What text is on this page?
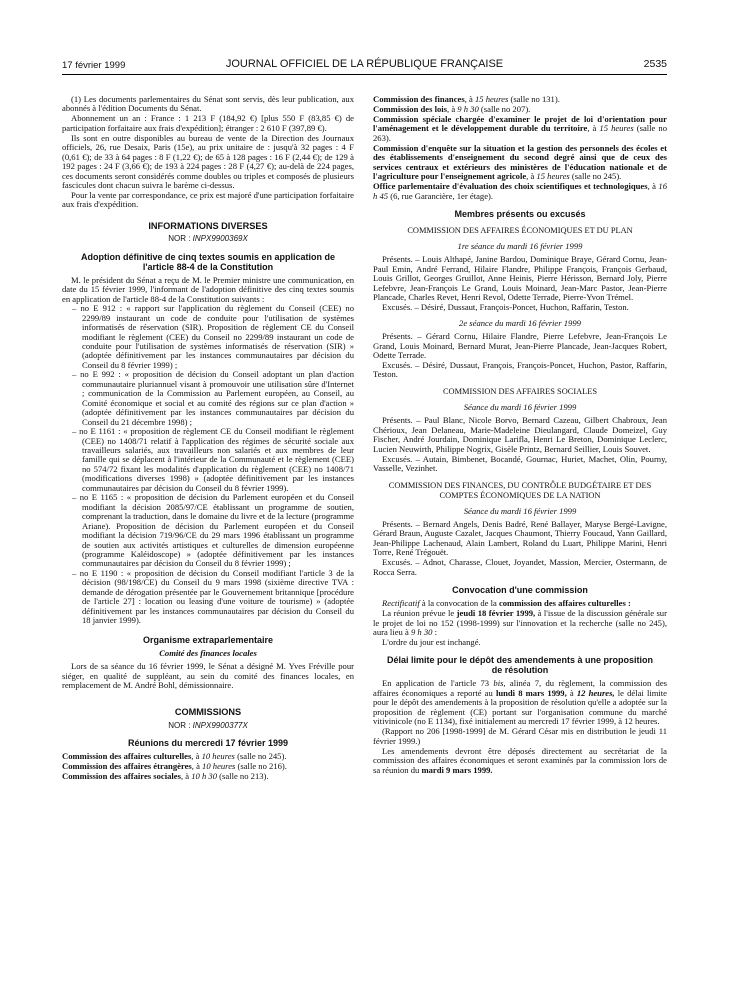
17 février 1999	JOURNAL OFFICIEL DE LA RÉPUBLIQUE FRANÇAISE	2535

(1) Les documents parlementaires du Sénat sont servis, dès leur publication, aux abonnés à l'édition Documents du Sénat.

Abonnement un an : France : 1 213 F (184,92 €) [plus 550 F (83,85 €) de participation forfaitaire aux frais d'expédition]; étranger : 2 610 F (397,89 €).

Ils sont en outre disponibles au bureau de vente de la Direction des Journaux officiels, 26, rue Desaix, Paris (15e), au prix unitaire de : jusqu'à 32 pages : 4 F (0,61 €); de 33 à 64 pages : 8 F (1,22 €); de 65 à 128 pages : 16 F (2,44 €); de 129 à 192 pages : 24 F (3,66 €); de 193 à 224 pages : 28 F (4,27 €); au-delà de 224 pages, ces documents seront considérés comme doubles ou triples et composés de plusieurs fascicules dont chacun suivra le barème ci-dessus.

Pour la vente par correspondance, ce prix est majoré d'une participation forfaitaire aux frais d'expédition.

INFORMATIONS DIVERSES
NOR : INPX9900369X
Adoption définitive de cinq textes soumis en application de l'article 88-4 de la Constitution

M. le président du Sénat a reçu de M. le Premier ministre une communication, en date du 15 février 1999, l'informant de l'adoption définitive des cinq textes soumis en application de l'article 88-4 de la Constitution suivants :

– no E 912 : « rapport sur l'application du règlement du Conseil (CEE) no 2299/89 instaurant un code de conduite pour l'utilisation de systèmes informatisés de réservation (SIR). Proposition de règlement CE du Conseil modifiant le règlement (CEE) du Conseil no 2299/89 instaurant un code de conduite pour l'utilisation de systèmes informatisés de réservation (SIR) » (adoptée définitivement par les instances communautaires par décision du Conseil du 8 février 1999) ;

– no E 992 : « proposition de décision du Conseil adoptant un plan d'action communautaire pluriannuel visant à promouvoir une utilisation sûre d'Internet ; communication de la Commission au Parlement européen, au Conseil, au Comité économique et social et au comité des régions sur ce plan d'action » (adoptée définitivement par les instances communautaires par décision du Conseil du 21 décembre 1998) ;

– no E 1161 : « proposition de règlement CE du Conseil modifiant le règlement (CEE) no 1408/71 relatif à l'application des régimes de sécurité sociale aux travailleurs salariés, aux travailleurs non salariés et aux membres de leur famille qui se déplacent à l'intérieur de la Communauté et le règlement (CEE) no 574/72 fixant les modalités d'application du règlement (CEE) no 1408/71 (modifications diverses 1998) » (adoptée définitivement par les instances communautaires par décision du Conseil du 8 février 1999).

– no E 1165 : « proposition de décision du Parlement européen et du Conseil modifiant la décision 2085/97/CE établissant un programme de soutien, comprenant la traduction, dans le domaine du livre et de la lecture (programme Ariane). Proposition de décision du Parlement européen et du Conseil modifiant la décision 719/96/CE du 29 mars 1996 établissant un programme de soutien aux activités artistiques et culturelles de dimension européenne (programme Kaléidoscope) » (adoptée définitivement par les instances communautaires par décision du Conseil du 8 février 1999) ;

– no E 1190 : « proposition de décision du Conseil modifiant l'article 3 de la décision (98/198/CE) du Conseil du 9 mars 1998 (sixième directive TVA : demande de dérogation présentée par le Gouvernement britannique [procédure de l'article 27] : location ou leasing d'une voiture de tourisme) » (adoptée définitivement par les instances communautaires par décision du Conseil du 18 janvier 1999).

Organisme extraparlementaire
Comité des finances locales

Lors de sa séance du 16 février 1999, le Sénat a désigné M. Yves Fréville pour siéger, en qualité de suppléant, au sein du comité des finances locales, en remplacement de M. André Bohl, démissionnaire.

COMMISSIONS
NOR : INPX9900377X
Réunions du mercredi 17 février 1999

Commission des affaires culturelles, à 10 heures (salle no 245).

Commission des affaires étrangères, à 10 heures (salle no 216).

Commission des affaires sociales, à 10 h 30 (salle no 213).

Commission des finances, à 15 heures (salle no 131).

Commission des lois, à 9 h 30 (salle no 207).

Commission spéciale chargée d'examiner le projet de loi d'orientation pour l'aménagement et le développement durable du territoire, à 15 heures (salle no 263).

Commission d'enquête sur la situation et la gestion des personnels des écoles et des établissements d'enseignement du second degré ainsi que de ceux des services centraux et extérieurs des ministères de l'éducation nationale et de l'agriculture pour l'enseignement agricole, à 15 heures (salle no 245).

Office parlementaire d'évaluation des choix scientifiques et technologiques, à 16 h 45 (6, rue Garancière, 1er étage).

Membres présents ou excusés
COMMISSION DES AFFAIRES ÉCONOMIQUES ET DU PLAN
1re séance du mardi 16 février 1999

Présents. – Louis Althapé, Janine Bardou, Dominique Braye, Gérard Cornu, Jean-Paul Emin, André Ferrand, Hilaire Flandre, Philippe François, François Gerbaud, Louis Grillot, Georges Gruillot, Anne Heinis, Pierre Hérisson, Bernard Joly, Pierre Lefebvre, Jean-François Le Grand, Louis Moinard, Jean-Marc Pastor, Jean-Pierre Plancade, Charles Revet, Henri Revol, Odette Terrade, Pierre-Yvon Trémel.

Excusés. – Désiré, Dussaut, François-Poncet, Huchon, Raffarin, Teston.

2e séance du mardi 16 février 1999

Présents. – Gérard Cornu, Hilaire Flandre, Pierre Lefebvre, Jean-François Le Grand, Louis Moinard, Bernard Murat, Jean-Pierre Plancade, Jean-Jacques Robert, Odette Terrade.

Excusés. – Désiré, Dussaut, François, François-Poncet, Huchon, Pastor, Raffarin, Teston.

COMMISSION DES AFFAIRES SOCIALES
Séance du mardi 16 février 1999

Présents. – Paul Blanc, Nicole Borvo, Bernard Cazeau, Gilbert Chabroux, Jean Chérioux, Jean Delaneau, Marie-Madeleine Dieulangard, Claude Domeizel, Guy Fischer, André Jourdain, Dominique Larifla, Henri Le Breton, Dominique Leclerc, Lucien Neuwirth, Philippe Nogrix, Gisèle Printz, Bernard Seillier, Louis Souvet.

Excusés. – Autain, Bimbenet, Bocandé, Gournac, Huriet, Machet, Olin, Pourny, Vasselle, Vezinhet.

COMMISSION DES FINANCES, DU CONTRÔLE BUDGÉTAIRE ET DES COMPTES ÉCONOMIQUES DE LA NATION
Séance du mardi 16 février 1999

Présents. – Bernard Angels, Denis Badré, René Ballayer, Maryse Bergé-Lavigne, Gérard Braun, Auguste Cazalet, Jacques Chaumont, Thierry Foucaud, Yann Gaillard, Jean-Philippe Lachenaud, Alain Lambert, Roland du Luart, Philippe Marini, Henri Torre, René Trégouët.

Excusés. – Adnot, Charasse, Clouet, Joyandet, Massion, Mercier, Ostermann, de Rocca Serra.

Convocation d'une commission

Rectificatif à la convocation de la commission des affaires culturelles :

La réunion prévue le jeudi 18 février 1999, à l'issue de la discussion générale sur le projet de loi no 152 (1998-1999) sur l'innovation et la recherche (salle no 245), aura lieu à 9 h 30 :

L'ordre du jour est inchangé.

Délai limite pour le dépôt des amendements à une proposition de résolution

En application de l'article 73 bis, alinéa 7, du règlement, la commission des affaires économiques a reporté au lundi 8 mars 1999, à 12 heures, le délai limite pour le dépôt des amendements à la proposition de résolution qu'elle a adoptée sur la proposition de règlement (CE) portant sur l'organisation commune du marché vitivinicole (no E 1134), fixé initialement au mercredi 17 février 1999, à 12 heures.

(Rapport no 206 [1998-1999] de M. Gérard César mis en distribution le jeudi 11 février 1999.)

Les amendements devront être déposés directement au secrétariat de la commission des affaires économiques et seront examinés par la commission lors de sa réunion du mardi 9 mars 1999.
